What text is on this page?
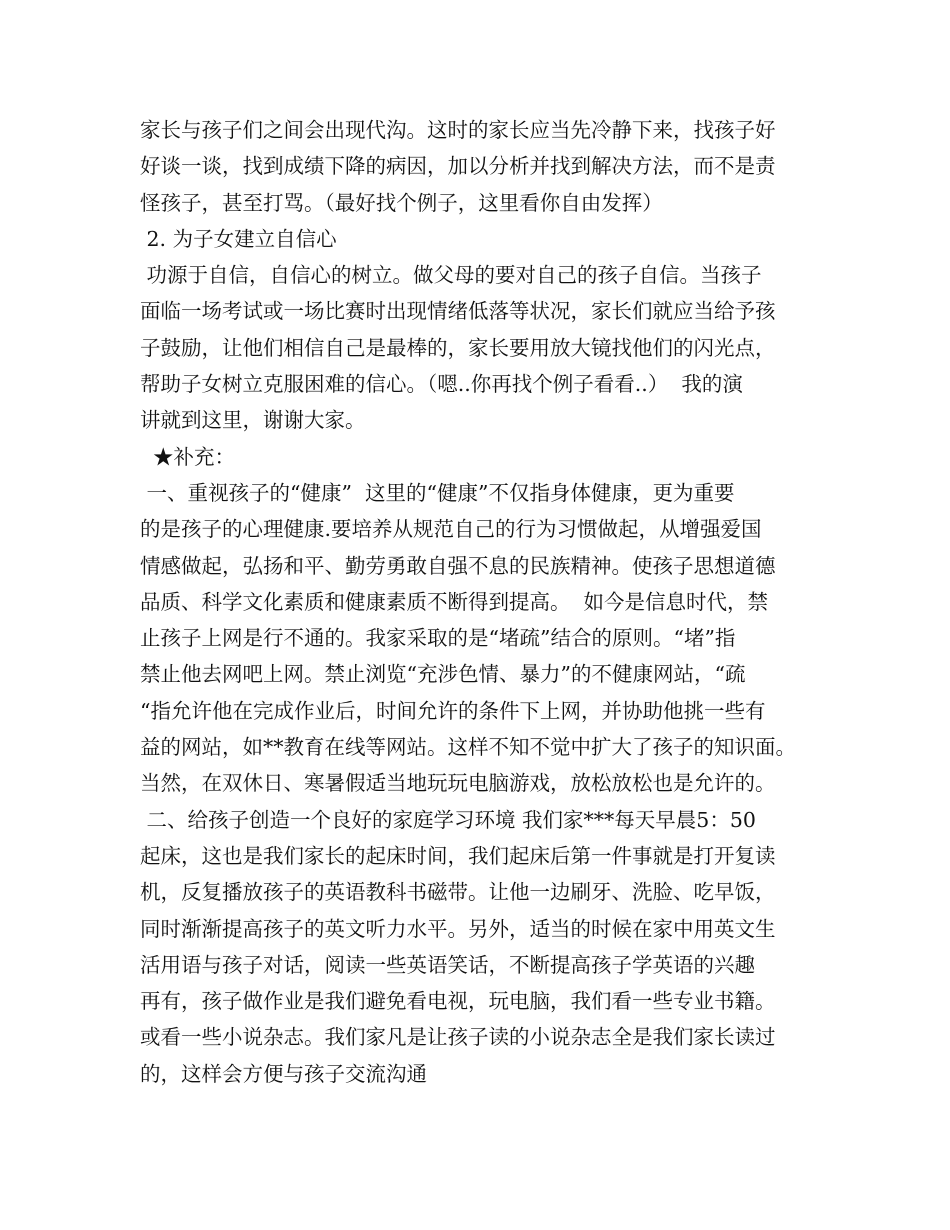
家长与孩子们之间会出现代沟。这时的家长应当先冷静下来，找孩子好
好谈一谈，找到成绩下降的病因，加以分析并找到解决方法，而不是责
怪孩子，甚至打骂。（最好找个例子，这里看你自由发挥）
2. 为子女建立自信心
功源于自信，自信心的树立。做父母的要对自己的孩子自信。当孩子
面临一场考试或一场比赛时出现情绪低落等状况，家长们就应当给予孩
子鼓励，让他们相信自己是最棒的，家长要用放大镜找他们的闪光点，
帮助子女树立克服困难的信心。（嗯..你再找个例子看看..）  我的演
讲就到这里，谢谢大家。
★补充：
一、重视孩子的“健康”  这里的“健康”不仅指身体健康，更为重要
的是孩子的心理健康.要培养从规范自己的行为习惯做起，从增强爱国
情感做起，弘扬和平、勤劳勇敢自强不息的民族精神。使孩子思想道德
品质、科学文化素质和健康素质不断得到提高。  如今是信息时代，禁
止孩子上网是行不通的。我家采取的是“堵疏”结合的原则。“堵”指
禁止他去网吧上网。禁止浏览“充涉色情、暴力”的不健康网站，“疏
“指允许他在完成作业后，时间允许的条件下上网，并协助他挑一些有
益的网站，如**教育在线等网站。这样不知不觉中扩大了孩子的知识面。
当然，在双休日、寒暑假适当地玩玩电脑游戏，放松放松也是允许的。
二、给孩子创造一个良好的家庭学习环境 我们家***每天早晨5：50
起床，这也是我们家长的起床时间，我们起床后第一件事就是打开复读
机，反复播放孩子的英语教科书磁带。让他一边刷牙、洗脸、吃早饭，
同时渐渐提高孩子的英文听力水平。另外，适当的时候在家中用英文生
活用语与孩子对话，阅读一些英语笑话，不断提高孩子学英语的兴趣
再有，孩子做作业是我们避免看电视，玩电脑，我们看一些专业书籍。
或看一些小说杂志。我们家凡是让孩子读的小说杂志全是我们家长读过
的，这样会方便与孩子交流沟通
